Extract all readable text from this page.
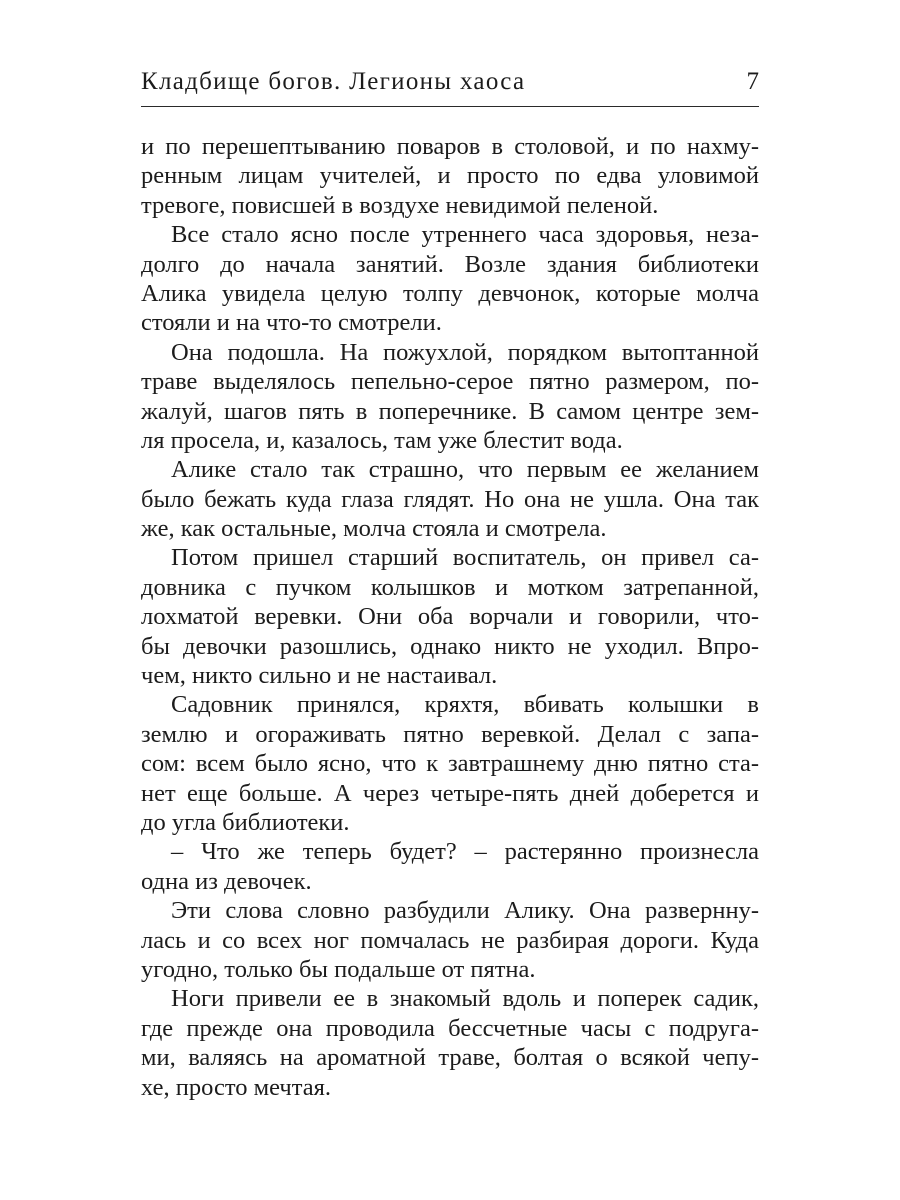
Кладбище богов. Легионы хаоса	7
и по перешептыванию поваров в столовой, и по нахму-
ренным лицам учителей, и просто по едва уловимой
тревоге, повисшей в воздухе невидимой пеленой.
Все стало ясно после утреннего часа здоровья, неза-
долго до начала занятий. Возле здания библиотеки
Алика увидела целую толпу девчонок, которые молча
стояли и на что-то смотрели.
Она подошла. На пожухлой, порядком вытоптанной
траве выделялось пепельно-серое пятно размером, по-
жалуй, шагов пять в поперечнике. В самом центре зем-
ля просела, и, казалось, там уже блестит вода.
Алике стало так страшно, что первым ее желанием
было бежать куда глаза глядят. Но она не ушла. Она так
же, как остальные, молча стояла и смотрела.
Потом пришел старший воспитатель, он привел са-
довника с пучком колышков и мотком затрепанной,
лохматой веревки. Они оба ворчали и говорили, что-
бы девочки разошлись, однако никто не уходил. Впро-
чем, никто сильно и не настаивал.
Садовник принялся, кряхтя, вбивать колышки в
землю и огораживать пятно веревкой. Делал с запа-
сом: всем было ясно, что к завтрашнему дню пятно ста-
нет еще больше. А через четыре-пять дней доберется и
до угла библиотеки.
– Что же теперь будет? – растерянно произнесла
одна из девочек.
Эти слова словно разбудили Алику. Она развернну-
лась и со всех ног помчалась не разбирая дороги. Куда
угодно, только бы подальше от пятна.
Ноги привели ее в знакомый вдоль и поперек садик,
где прежде она проводила бессчетные часы с подруга-
ми, валяясь на ароматной траве, болтая о всякой чепу-
хе, просто мечтая.
